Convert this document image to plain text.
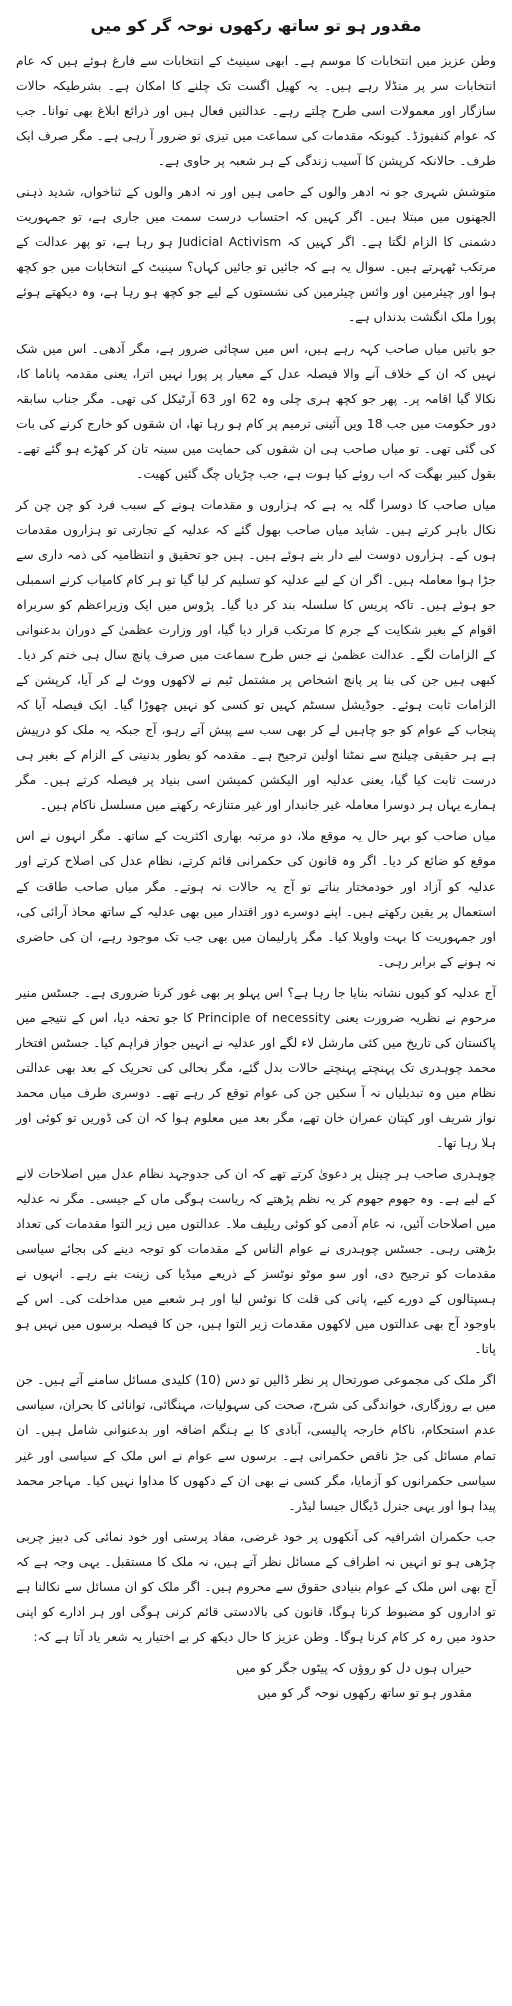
مقدور ہو تو ساتھ رکھوں نوحہ گر کو میں

وطن عزیز میں انتخابات کا موسم ہے۔ ابھی سینیٹ کے انتخابات سے فارغ ہوئے ہیں کہ عام انتخابات سر پر منڈلا رہے ہیں۔ یہ کھیل اگست تک چلنے کا امکان ہے۔ بشرطیکہ حالات سازگار اور معمولات اسی طرح چلتے رہے۔ عدالتیں فعال ہیں اور ذرائع ابلاغ بھی توانا۔ جب کہ عوام کنفیوژڈ۔ کیونکہ مقدمات کی سماعت میں تیزی تو ضرور آ رہی ہے۔ مگر صرف ایک طرف۔ حالانکہ کرپشن کا آسیب زندگی کے ہر شعبہ پر حاوی ہے۔

متوشش شہری جو نہ ادھر والوں کے حامی ہیں اور نہ ادھر والوں کے ثناخواں، شدید ذہنی الجھنوں میں مبتلا ہیں۔ اگر کہیں کہ احتساب درست سمت میں جاری ہے، تو جمہوریت دشمنی کا الزام لگتا ہے۔ اگر کہیں کہ Judicial Activism ہو رہا ہے، تو پھر عدالت کے مرتکب ٹھہرتے ہیں۔ سوال یہ ہے کہ جائیں تو جائیں کہاں؟ سینیٹ کے انتخابات میں جو کچھ ہوا اور چیئرمین اور وائس چیئرمین کی نشستوں کے لیے جو کچھ ہو رہا ہے، وہ دیکھتے ہوئے پورا ملک انگشت بدنداں ہے۔

جو باتیں میاں صاحب کہہ رہے ہیں، اس میں سچائی ضرور ہے، مگر آدھی۔ اس میں شک نہیں کہ ان کے خلاف آنے والا فیصلہ عدل کے معیار پر پورا نہیں اترا، یعنی مقدمہ پاناما کا، نکالا گیا اقامہ پر۔ پھر جو کچھ ہری چلی وہ 62 اور 63 آرٹیکل کی تھی۔ مگر جناب سابقہ دور حکومت میں جب 18 ویں آئینی ترمیم پر کام ہو رہا تھا، ان شقوں کو خارج کرنے کی بات کی گئی تھی۔ تو میاں صاحب ہی ان شقوں کی حمایت میں سینہ تان کر کھڑے ہو گئے تھے۔ بقول کبیر بھگت کہ اب روئے کیا ہوت ہے، جب چڑیاں چگ گئیں کھیت۔

میاں صاحب کا دوسرا گلہ یہ ہے کہ ہزاروں و مقدمات ہونے کے سبب فرد کو چن چن کر نکال باہر کرتے ہیں۔ شاید میاں صاحب بھول گئے کہ عدلیہ کے تجارتی تو ہزاروں مقدمات ہوں کے۔ ہزاروں دوست لیے دار بنے ہوئے ہیں۔ ہیں جو تحقیق و انتظامیہ کی ذمہ داری سے جڑا ہوا معاملہ ہیں۔ اگر ان کے لیے عدلیہ کو تسلیم کر لیا گیا تو ہر کام کامیاب کرنے اسمبلی جو ہوئے ہیں۔ تاکہ پریس کا سلسلہ بند کر دیا گیا۔ پڑوس میں ایک وزیراعظم کو سربراہ اقوام کے بغیر شکایت کے جرم کا مرتکب قرار دیا گیا، اور وزارت عظمیٰ کے دوران بدعنوانی کے الزامات لگے۔ عدالت عظمیٰ نے جس طرح سماعت میں صرف پانچ سال ہی ختم کر دیا۔ کبھی ہیں جن کی بنا پر پانچ اشخاص پر مشتمل ٹیم نے لاکھوں ووٹ لے کر آیا، کرپشن کے الزامات ثابت ہوئے۔ جوڈیشل سسٹم کہیں تو کسی کو نہیں چھوڑا گیا۔ ایک فیصلہ آیا کہ پنجاب کے عوام کو جو چاہیں لے کر بھی سب سے پیش آتے رہو، آج جبکہ یہ ملک کو درپیش ہے ہر حقیقی چیلنج سے نمٹنا اولین ترجیح ہے۔ مقدمہ کو بطور بدنیتی کے الزام کے بغیر ہی درست ثابت کیا گیا، یعنی عدلیہ اور الیکشن کمیشن اسی بنیاد پر فیصلہ کرتے ہیں۔ مگر ہمارے یہاں ہر دوسرا معاملہ غیر جانبدار اور غیر متنازعہ رکھنے میں مسلسل ناکام ہیں۔

میاں صاحب کو بہر حال یہ موقع ملا، دو مرتبہ بھاری اکثریت کے ساتھ۔ مگر انہوں نے اس موقع کو ضائع کر دیا۔ اگر وہ قانون کی حکمرانی قائم کرتے، نظام عدل کی اصلاح کرتے اور عدلیہ کو آزاد اور خودمختار بناتے تو آج یہ حالات نہ ہوتے۔ مگر میاں صاحب طاقت کے استعمال پر یقین رکھتے ہیں۔ اپنے دوسرے دور اقتدار میں بھی عدلیہ کے ساتھ محاذ آرائی کی، اور جمہوریت کا بہت واویلا کیا۔ مگر پارلیمان میں بھی جب تک موجود رہے، ان کی حاضری نہ ہونے کے برابر رہی۔

آج عدلیہ کو کیوں نشانہ بنایا جا رہا ہے؟ اس پہلو پر بھی غور کرنا ضروری ہے۔ جسٹس منیر مرحوم نے نظریہ ضرورت یعنی Principle of necessity کا جو تحفہ دیا، اس کے نتیجے میں پاکستان کی تاریخ میں کئی مارشل لاء لگے اور عدلیہ نے انہیں جواز فراہم کیا۔ جسٹس افتخار محمد چوہدری تک پہنچتے پہنچتے حالات بدل گئے، مگر بحالی کی تحریک کے بعد بھی عدالتی نظام میں وہ تبدیلیاں نہ آ سکیں جن کی عوام توقع کر رہے تھے۔ دوسری طرف میاں محمد نواز شریف اور کپتان عمران خان تھے، مگر بعد میں معلوم ہوا کہ ان کی ڈوریں تو کوئی اور ہلا رہا تھا۔

چوہدری صاحب ہر چینل پر دعویٰ کرتے تھے کہ ان کی جدوجہد نظام عدل میں اصلاحات لانے کے لیے ہے۔ وہ جھوم جھوم کر یہ نظم پڑھتے کہ ریاست ہوگی ماں کے جیسی۔ مگر نہ عدلیہ میں اصلاحات آئیں، نہ عام آدمی کو کوئی ریلیف ملا۔ عدالتوں میں زیر التوا مقدمات کی تعداد بڑھتی رہی۔ جسٹس چوہدری نے عوام الناس کے مقدمات کو توجہ دینے کی بجائے سیاسی مقدمات کو ترجیح دی، اور سو موٹو نوٹسز کے ذریعے میڈیا کی زینت بنے رہے۔ انہوں نے ہسپتالوں کے دورے کیے، پانی کی قلت کا نوٹس لیا اور ہر شعبے میں مداخلت کی۔ اس کے باوجود آج بھی عدالتوں میں لاکھوں مقدمات زیر التوا ہیں، جن کا فیصلہ برسوں میں نہیں ہو پاتا۔

اگر ملک کی مجموعی صورتحال پر نظر ڈالیں تو دس (10) کلیدی مسائل سامنے آتے ہیں۔ جن میں بے روزگاری، خواندگی کی شرح، صحت کی سہولیات، مہنگائی، توانائی کا بحران، سیاسی عدم استحکام، ناکام خارجہ پالیسی، آبادی کا بے ہنگم اضافہ اور بدعنوانی شامل ہیں۔ ان تمام مسائل کی جڑ ناقص حکمرانی ہے۔ برسوں سے عوام نے اس ملک کے سیاسی اور غیر سیاسی حکمرانوں کو آزمایا، مگر کسی نے بھی ان کے دکھوں کا مداوا نہیں کیا۔ مہاجر محمد پیدا ہوا اور یہی جنرل ڈیگال جیسا لیڈر۔

جب حکمران اشرافیہ کی آنکھوں پر خود غرضی، مفاد پرستی اور خود نمائی کی دبیز چربی چڑھی ہو تو انہیں نہ اطراف کے مسائل نظر آتے ہیں، نہ ملک کا مستقبل۔ یہی وجہ ہے کہ آج بھی اس ملک کے عوام بنیادی حقوق سے محروم ہیں۔ اگر ملک کو ان مسائل سے نکالنا ہے تو اداروں کو مضبوط کرنا ہوگا، قانون کی بالادستی قائم کرنی ہوگی اور ہر ادارے کو اپنی حدود میں رہ کر کام کرنا ہوگا۔ وطن عزیز کا حال دیکھ کر بے اختیار یہ شعر یاد آتا ہے کہ:

حیراں ہوں دل کو روؤں کہ پیٹوں جگر کو میں

مقدور ہو تو ساتھ رکھوں نوحہ گر کو میں
